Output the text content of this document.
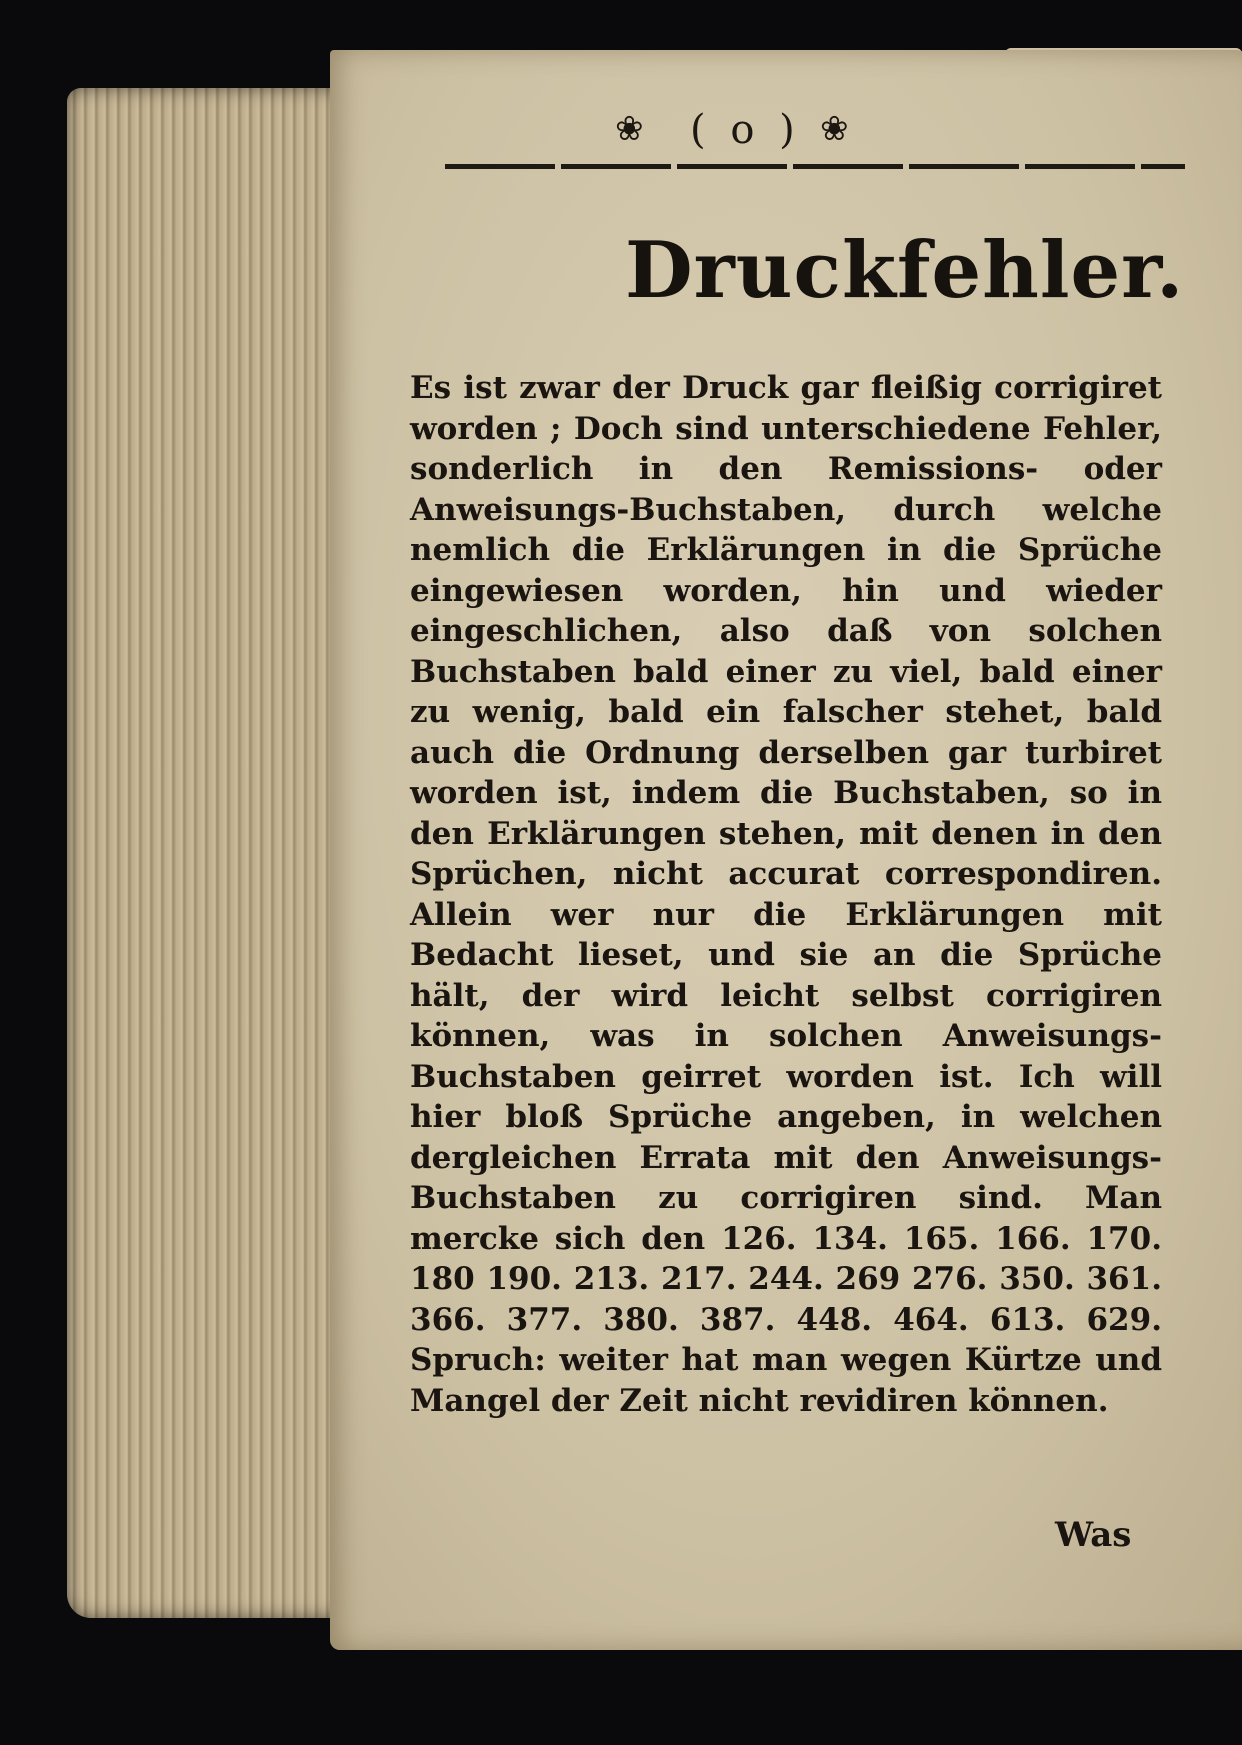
❀ ( o ) ❀
Druckfehler.
Es ist zwar der Druck gar fleißig corrigiret worden ; Doch sind unterschiedene Fehler, sonderlich in den Remissions- oder Anweisungs-Buchstaben, durch welche nemlich die Erklärungen in die Sprüche eingewiesen worden, hin und wieder eingeschlichen, also daß von solchen Buchstaben bald einer zu viel, bald einer zu wenig, bald ein falscher stehet, bald auch die Ordnung derselben gar turbiret worden ist, indem die Buchstaben, so in den Erklärungen stehen, mit denen in den Sprüchen, nicht accurat correspondiren. Allein wer nur die Erklärungen mit Bedacht lieset, und sie an die Sprüche hält, der wird leicht selbst corrigiren können, was in solchen Anweisungs-Buchstaben geirret worden ist. Ich will hier bloß Sprüche angeben, in welchen dergleichen Errata mit den Anweisungs-Buchstaben zu corrigiren sind. Man mercke sich den 126. 134. 165. 166. 170. 180 190. 213. 217. 244. 269 276. 350. 361. 366. 377. 380. 387. 448. 464. 613. 629. Spruch: weiter hat man wegen Kürtze und Mangel der Zeit nicht revidiren können.
Was
